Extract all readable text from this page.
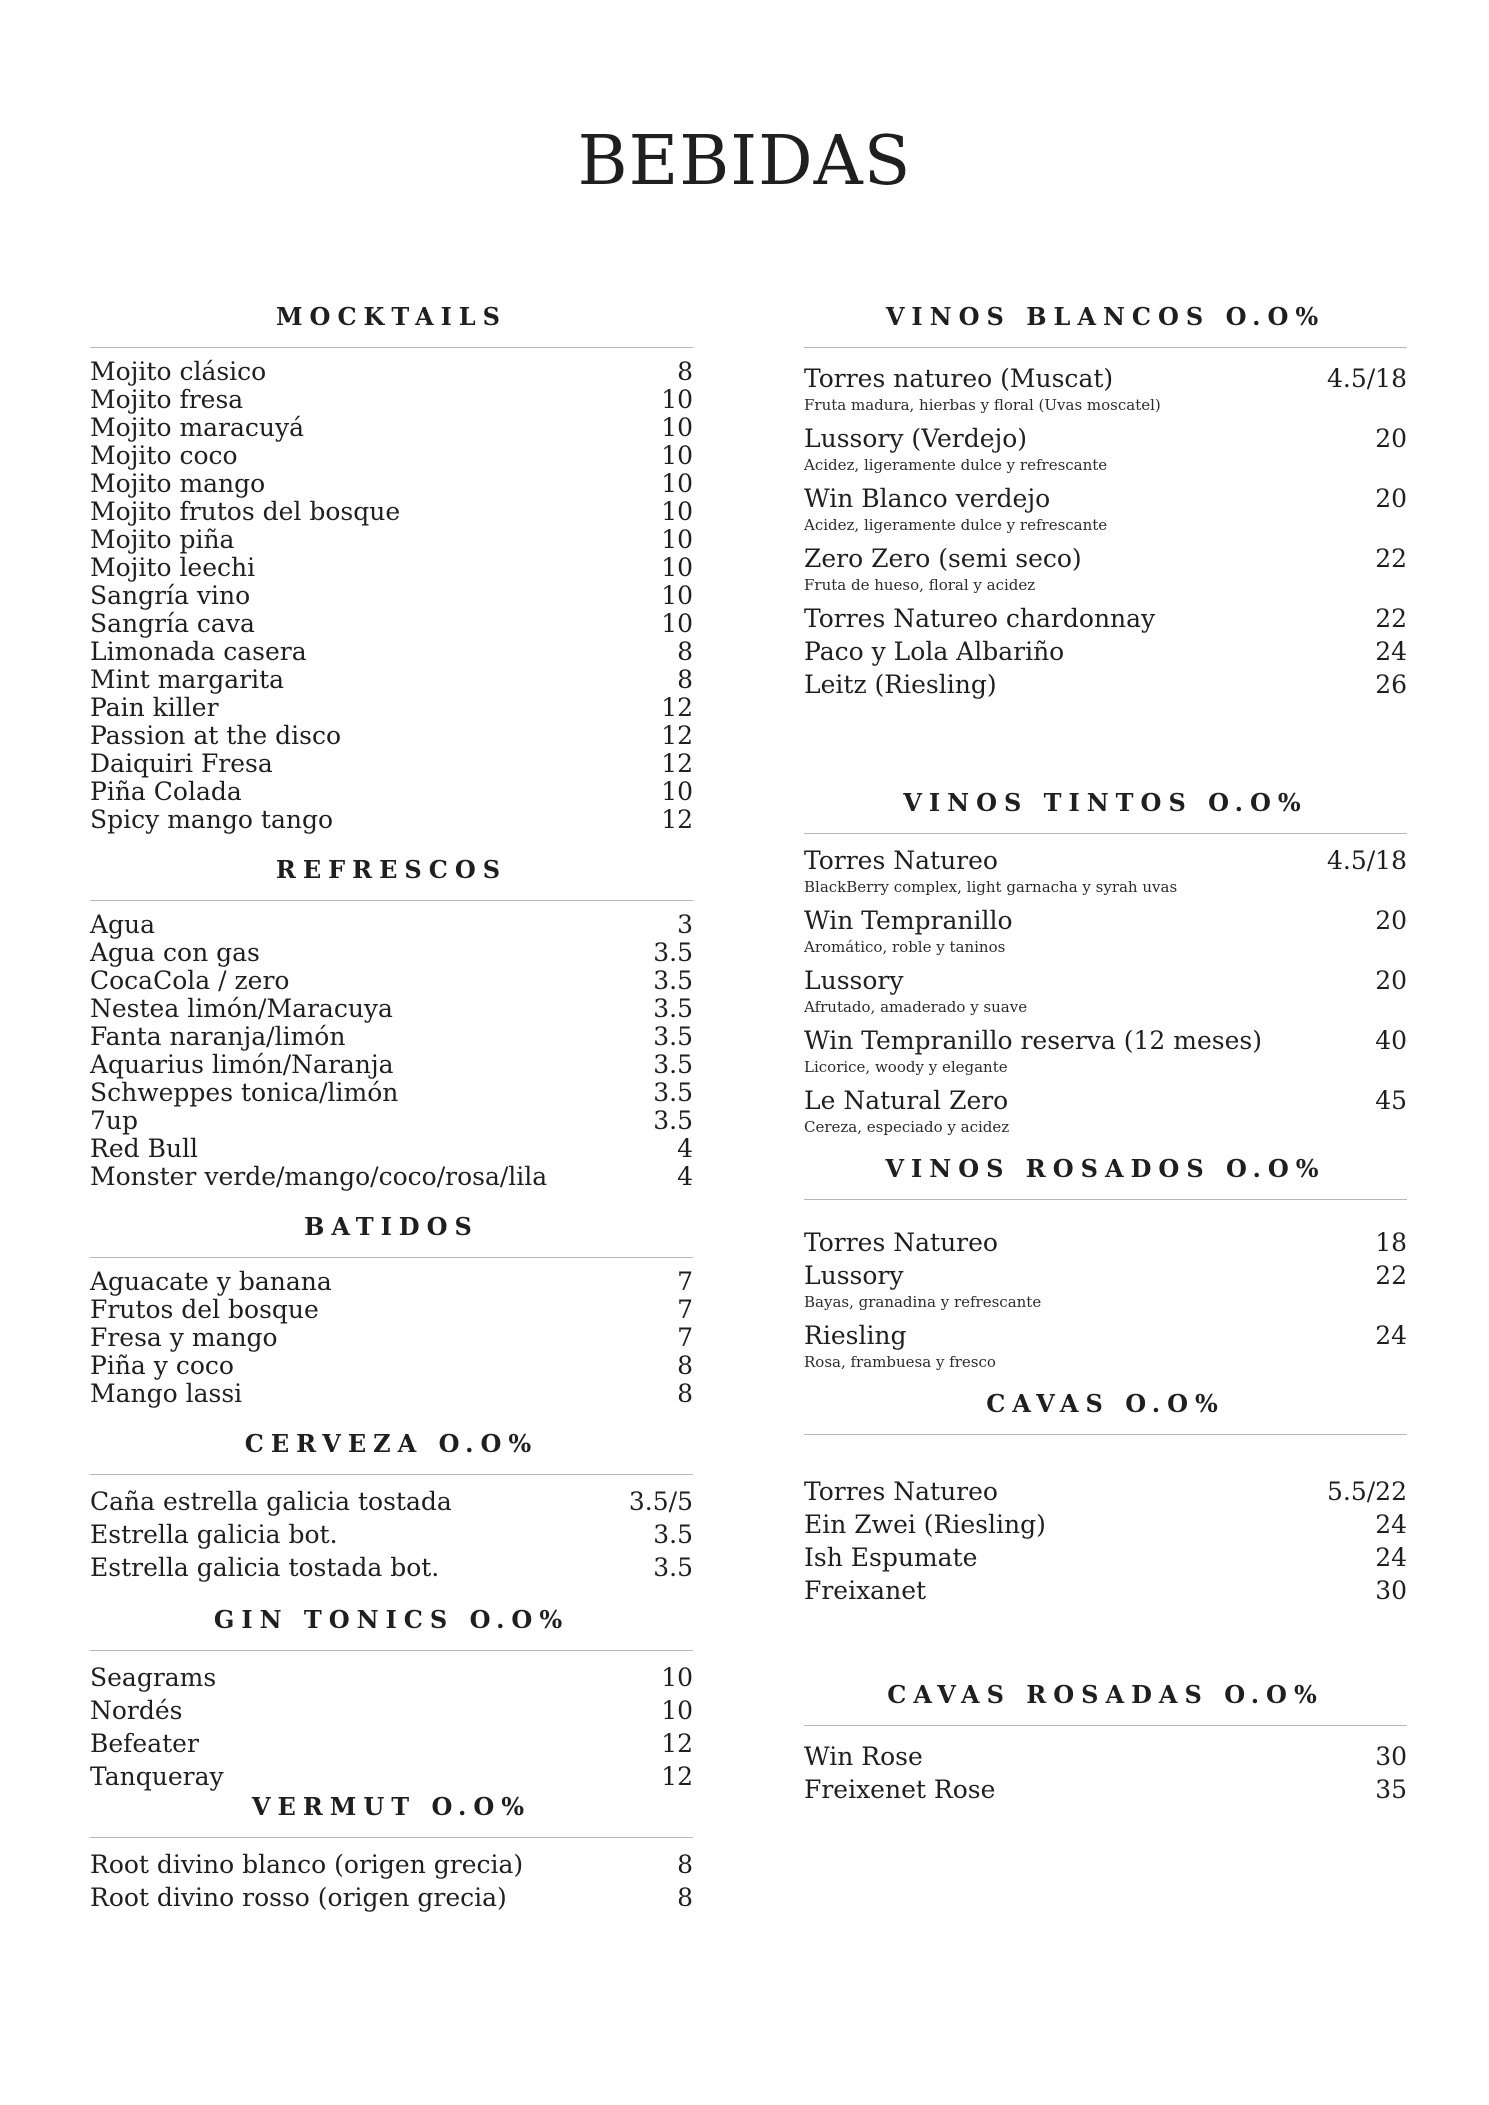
BEBIDAS
MOCKTAILS
Mojito clásico	8
Mojito fresa	10
Mojito maracuyá	10
Mojito coco	10
Mojito mango	10
Mojito frutos del bosque	10
Mojito piña	10
Mojito leechi	10
Sangría vino	10
Sangría cava	10
Limonada casera	8
Mint margarita	8
Pain killer	12
Passion at the disco	12
Daiquiri Fresa	12
Piña Colada	10
Spicy mango tango	12
REFRESCOS
Agua	3
Agua con gas	3.5
CocaCola / zero	3.5
Nestea limón/Maracuya	3.5
Fanta naranja/limón	3.5
Aquarius limón/Naranja	3.5
Schweppes tonica/limón	3.5
7up	3.5
Red Bull	4
Monster verde/mango/coco/rosa/lila	4
BATIDOS
Aguacate y banana	7
Frutos del bosque	7
Fresa y mango	7
Piña y coco	8
Mango lassi	8
CERVEZA O.O%
Caña estrella galicia tostada	3.5/5
Estrella galicia bot.	3.5
Estrella galicia tostada bot.	3.5
GIN TONICS O.O%
Seagrams	10
Nordés	10
Befeater	12
Tanqueray	12
VERMUT O.O%
Root divino blanco (origen grecia)	8
Root divino rosso (origen grecia)	8
VINOS BLANCOS O.O%
Torres natureo (Muscat)	4.5/18
Fruta madura, hierbas y floral (Uvas moscatel)
Lussory (Verdejo)	20
Acidez, ligeramente dulce y refrescante
Win Blanco verdejo	20
Acidez, ligeramente dulce y refrescante
Zero Zero (semi seco)	22
Fruta de hueso, floral y acidez
Torres Natureo chardonnay	22
Paco y Lola Albariño	24
Leitz (Riesling)	26
VINOS TINTOS O.O%
Torres Natureo	4.5/18
BlackBerry complex, light garnacha y syrah uvas
Win Tempranillo	20
Aromático, roble y taninos
Lussory	20
Afrutado, amaderado y suave
Win Tempranillo reserva (12 meses)	40
Licorice, woody y elegante
Le Natural Zero	45
Cereza, especiado y acidez
VINOS ROSADOS O.O%
Torres Natureo	18
Lussory	22
Bayas, granadina y refrescante
Riesling	24
Rosa, frambuesa y fresco
CAVAS O.O%
Torres Natureo	5.5/22
Ein Zwei (Riesling)	24
Ish Espumate	24
Freixanet	30
CAVAS ROSADAS O.O%
Win Rose	30
Freixenet Rose	35
